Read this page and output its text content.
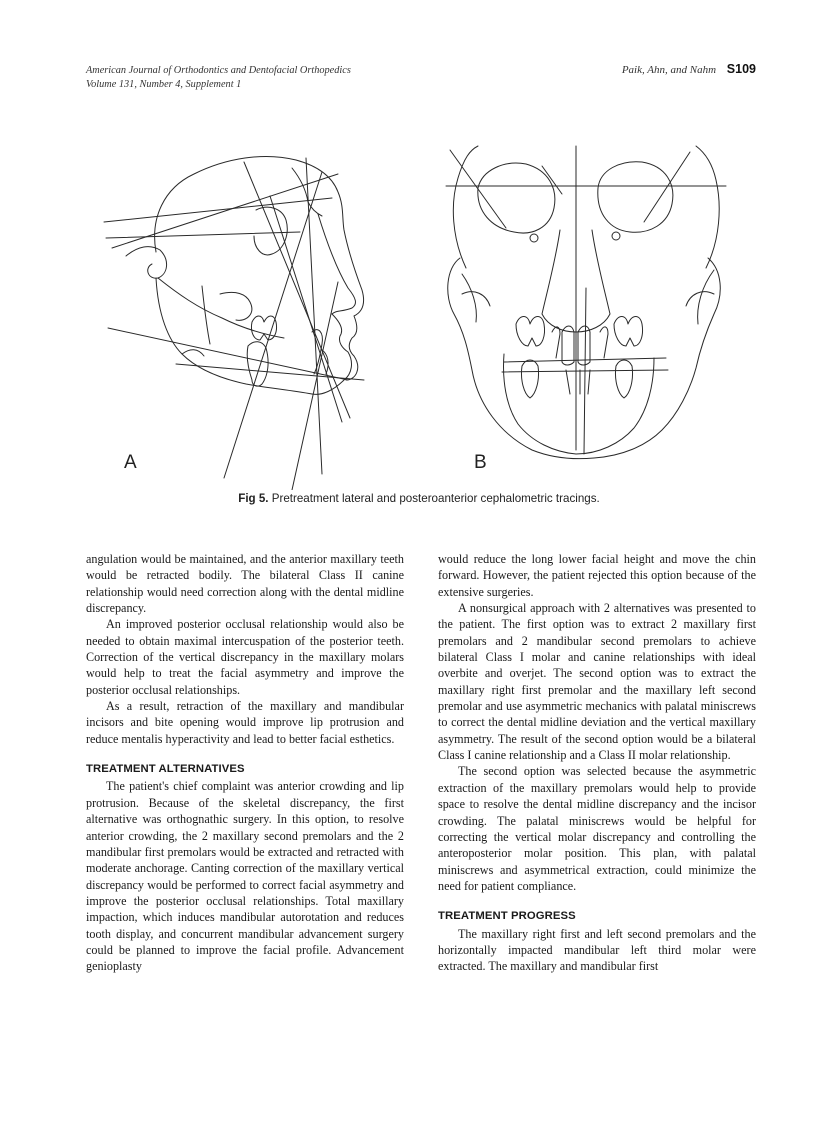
American Journal of Orthodontics and Dentofacial Orthopedics
Volume 131, Number 4, Supplement 1
Paik, Ahn, and Nahm S109
A	B
Fig 5. Pretreatment lateral and posteroanterior cephalometric tracings.

angulation would be maintained, and the anterior maxillary teeth would be retracted bodily. The bilateral Class II canine relationship would need correction along with the dental midline discrepancy.

An improved posterior occlusal relationship would also be needed to obtain maximal intercuspation of the posterior teeth. Correction of the vertical discrepancy in the maxillary molars would help to treat the facial asymmetry and improve the posterior occlusal relationships.

As a result, retraction of the maxillary and mandibular incisors and bite opening would improve lip protrusion and reduce mentalis hyperactivity and lead to better facial esthetics.

TREATMENT ALTERNATIVES

The patient's chief complaint was anterior crowding and lip protrusion. Because of the skeletal discrepancy, the first alternative was orthognathic surgery. In this option, to resolve anterior crowding, the 2 maxillary second premolars and the 2 mandibular first premolars would be extracted and retracted with moderate anchorage. Canting correction of the maxillary vertical discrepancy would be performed to correct facial asymmetry and improve the posterior occlusal relationships. Total maxillary impaction, which induces mandibular autorotation and reduces tooth display, and concurrent mandibular advancement surgery could be planned to improve the facial profile. Advancement genioplasty

would reduce the long lower facial height and move the chin forward. However, the patient rejected this option because of the extensive surgeries.

A nonsurgical approach with 2 alternatives was presented to the patient. The first option was to extract 2 maxillary first premolars and 2 mandibular second premolars to achieve bilateral Class I molar and canine relationships with ideal overbite and overjet. The second option was to extract the maxillary right first premolar and the maxillary left second premolar and use asymmetric mechanics with palatal miniscrews to correct the dental midline deviation and the vertical maxillary asymmetry. The result of the second option would be a bilateral Class I canine relationship and a Class II molar relationship.

The second option was selected because the asymmetric extraction of the maxillary premolars would help to provide space to resolve the dental midline discrepancy and the incisor crowding. The palatal miniscrews would be helpful for correcting the vertical molar discrepancy and controlling the anteroposterior molar position. This plan, with palatal miniscrews and asymmetrical extraction, could minimize the need for patient compliance.

TREATMENT PROGRESS

The maxillary right first and left second premolars and the horizontally impacted mandibular left third molar were extracted. The maxillary and mandibular first
